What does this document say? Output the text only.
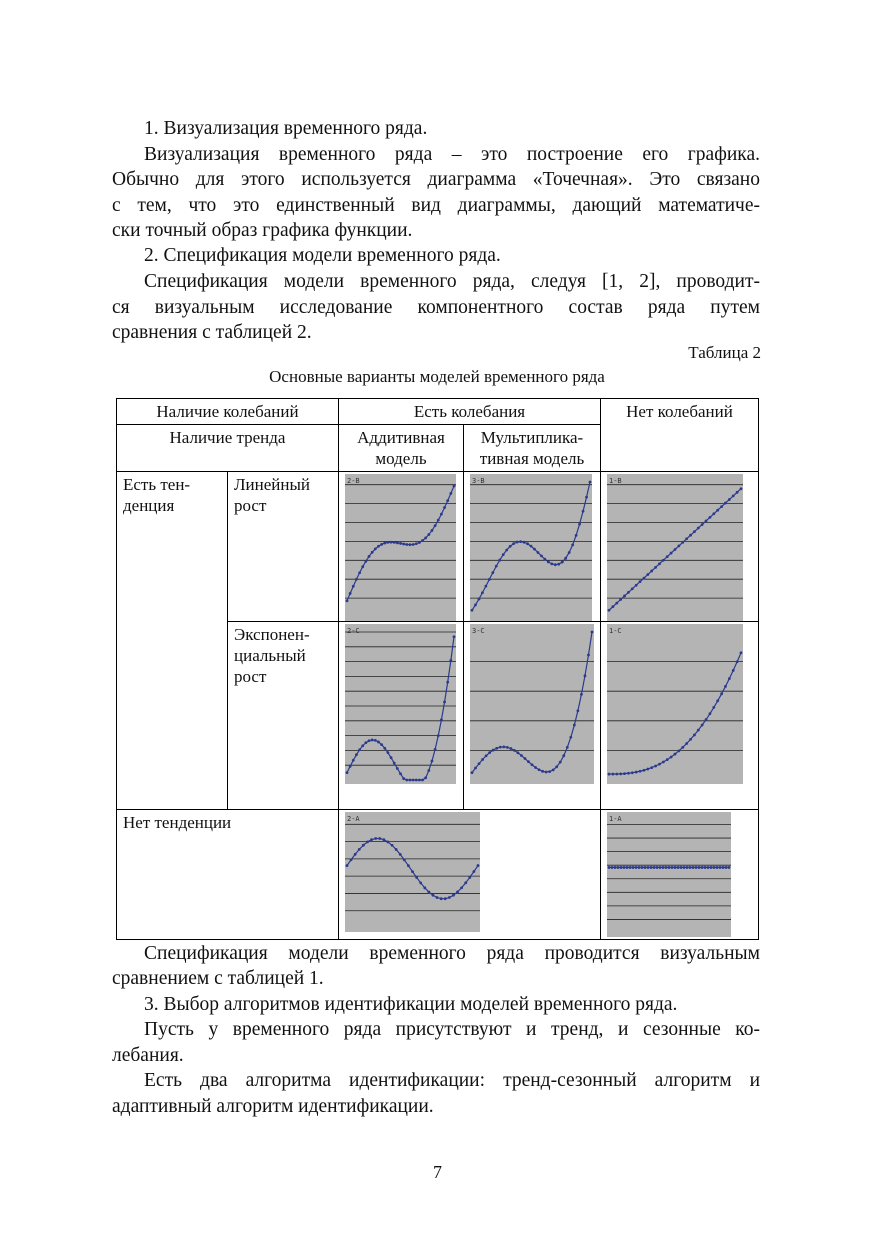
1. Визуализация временного ряда.

Визуализация временного ряда – это построение его графика.

Обычно для этого используется диаграмма «Точечная». Это связано

с тем, что это единственный вид диаграммы, дающий математиче-

ски точный образ графика функции.

2. Спецификация модели временного ряда.

Спецификация модели временного ряда, следуя [1, 2], проводит-

ся визуальным исследование компонентного состав ряда путем

сравнения с таблицей 2.

Таблица 2
Основные варианты моделей временного ряда
Наличие колебаний		Есть колебания		Нет колебаний
Наличие тренда		Аддитивная модель	Мультиплика-тивная модель	
Есть тен-денция	Линейный рост	2-B	3-B	1-B

	Экспонен-циальный рост	2-C	3-C	1-C

Нет тенденции		2-A		1-A

Спецификация модели временного ряда проводится визуальным

сравнением с таблицей 1.

3. Выбор алгоритмов идентификации моделей временного ряда.

Пусть у временного ряда присутствуют и тренд, и сезонные ко-

лебания.

Есть два алгоритма идентификации: тренд-сезонный алгоритм и

адаптивный алгоритм идентификации.

7
